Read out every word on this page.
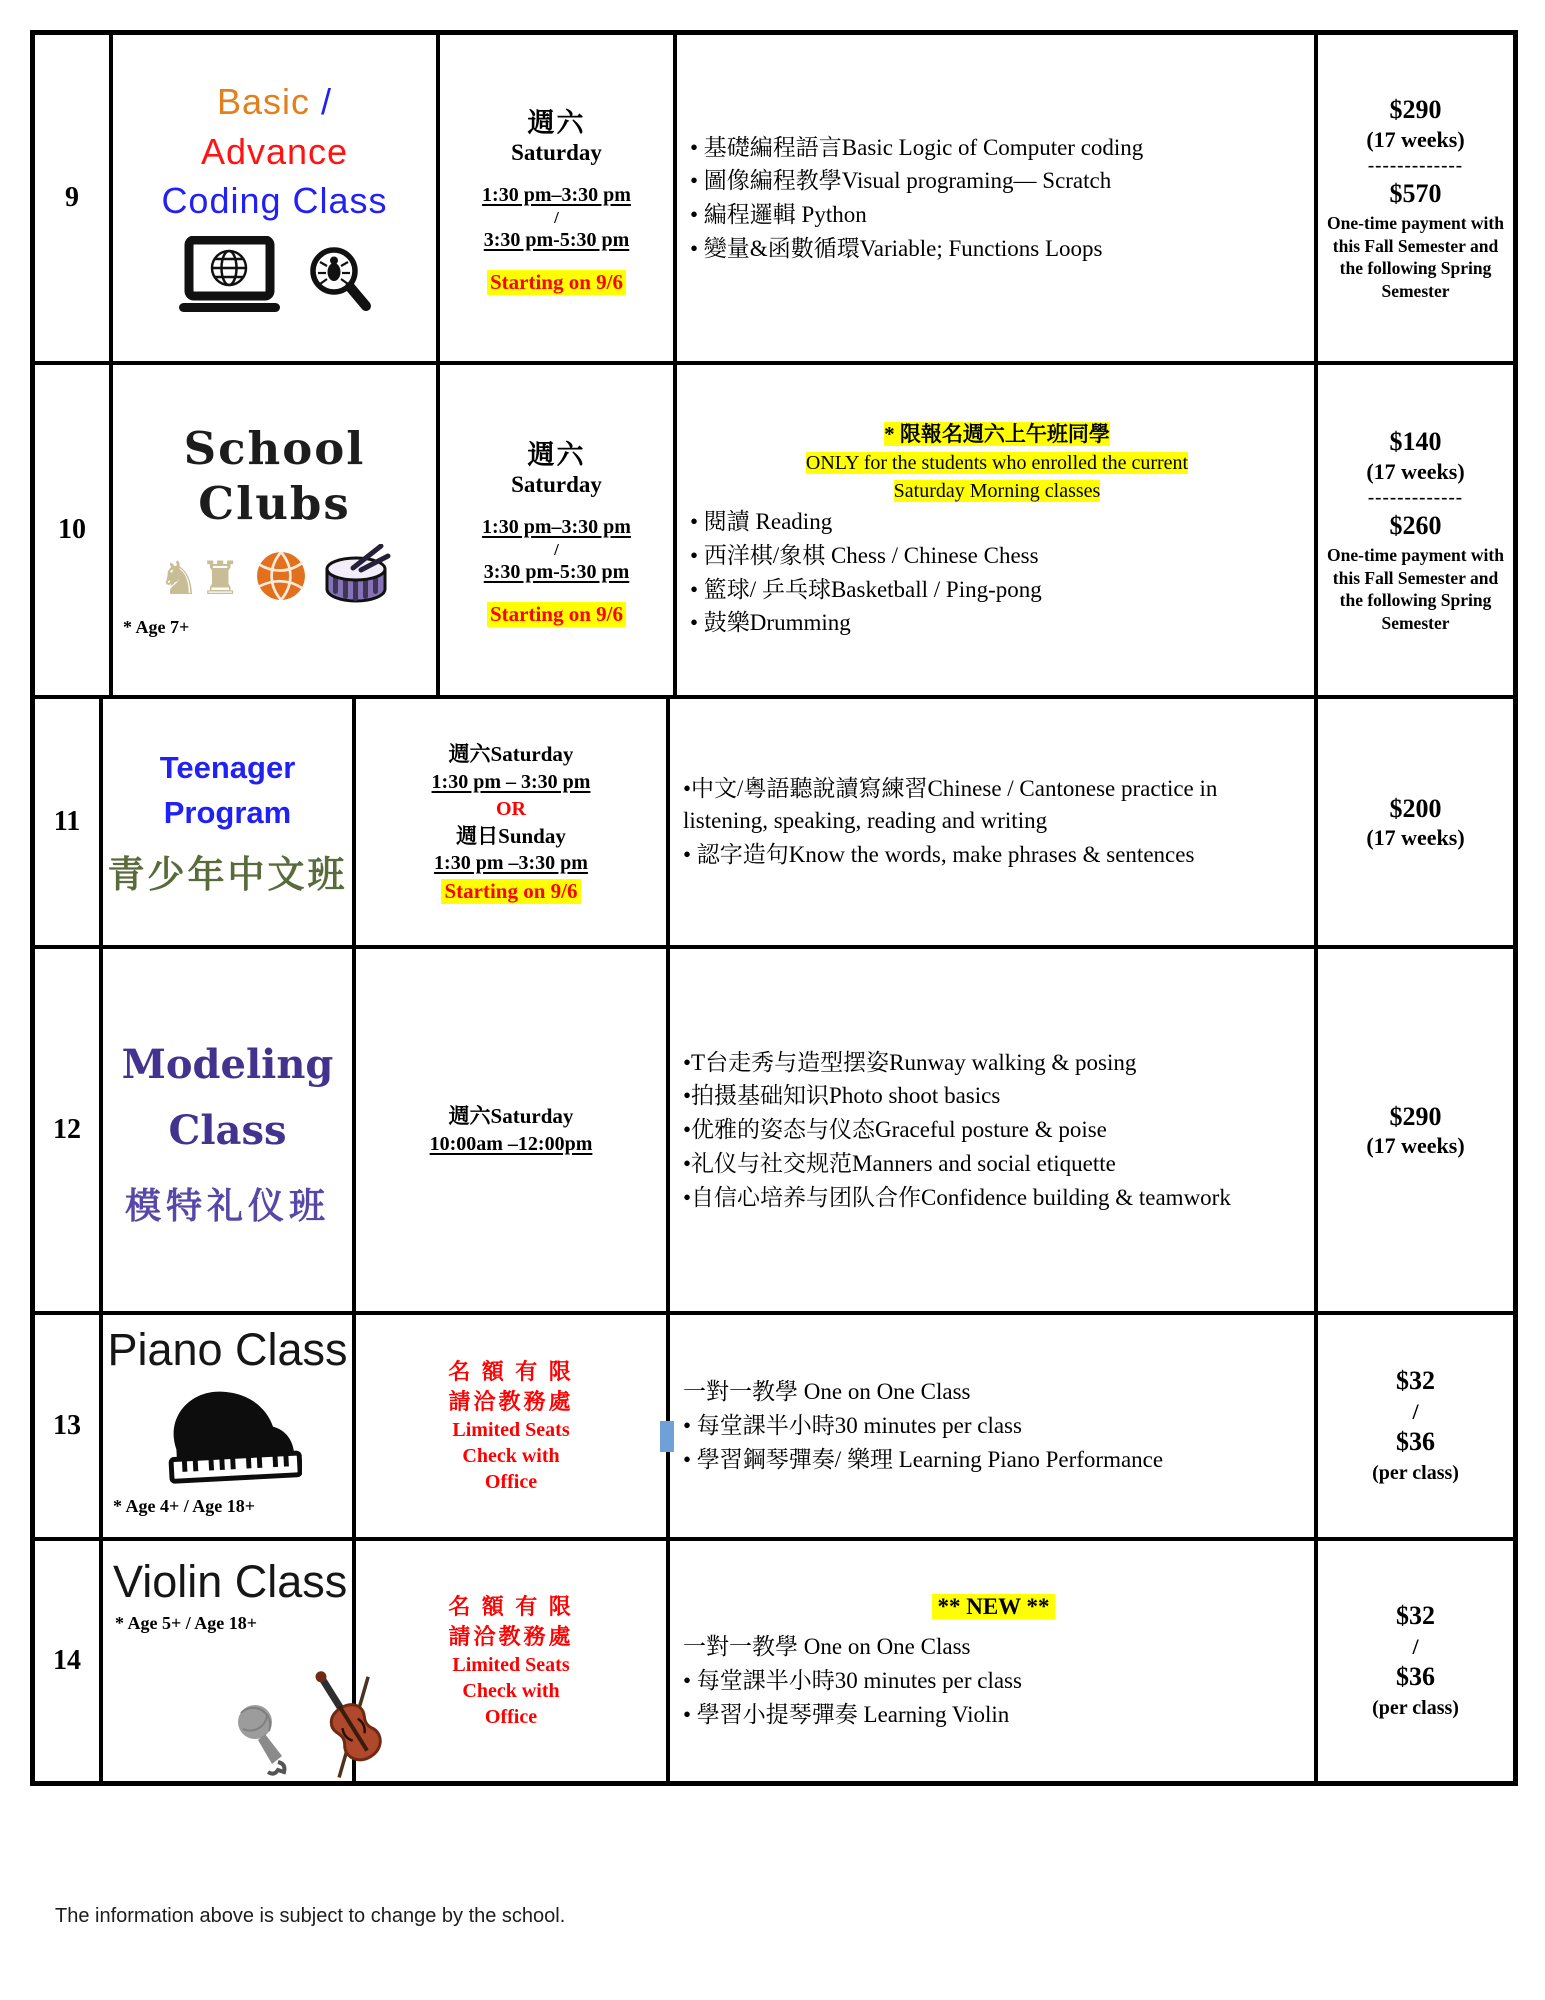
9
Basic /
Advance
Coding Class
週六
Saturday
1:30 pm–3:30 pm
/
3:30 pm-5:30 pm
Starting on 9/6

• 基礎編程語言Basic Logic of Computer coding

• 圖像編程教學Visual programing— Scratch

• 編程邏輯 Python

• 變量&函數循環Variable; Functions Loops

$290
(17 weeks)
-------------
$570
One-time payment with this Fall Semester and the following Spring Semester
10
School
Clubs
♞♜
* Age 7+
週六
Saturday
1:30 pm–3:30 pm
/
3:30 pm-5:30 pm
Starting on 9/6
* 限報名週六上午班同學
ONLY for the students who enrolled the current
Saturday Morning classes

• 閱讀 Reading

• 西洋棋/象棋 Chess / Chinese Chess

• 籃球/ 乒乓球Basketball / Ping-pong

• 鼓樂Drumming

$140
(17 weeks)
-------------
$260
One-time payment with this Fall Semester and the following Spring Semester
11
Teenager
Program
青少年中文班
週六Saturday
1:30 pm – 3:30 pm
OR
週日Sunday
1:30 pm –3:30 pm
Starting on 9/6

•中文/粵語聽說讀寫練習Chinese / Cantonese practice in listening, speaking, reading and writing

• 認字造句Know the words, make phrases & sentences

$200
(17 weeks)
12
Modeling
Class
模特礼仪班
週六Saturday
10:00am –12:00pm

•T台走秀与造型摆姿Runway walking & posing

•拍摄基础知识Photo shoot basics

•优雅的姿态与仪态Graceful posture & poise

•礼仪与社交规范Manners and social etiquette

•自信心培养与团队合作Confidence building & teamwork

$290
(17 weeks)
13
Piano Class
* Age 4+ / Age 18+
名 額 有 限
請洽教務處
Limited Seats
Check with
Office

一對一教學 One on One Class

• 每堂課半小時30 minutes per class

• 學習鋼琴彈奏/ 樂理 Learning Piano Performance

$32
/
$36
(per class)
14
Violin Class
* Age 5+ / Age 18+
名 額 有 限
請洽教務處
Limited Seats
Check with
Office
** NEW **

一對一教學 One on One Class

• 每堂課半小時30 minutes per class

• 學習小提琴彈奏 Learning Violin

$32
/
$36
(per class)
The information above is subject to change by the school.
